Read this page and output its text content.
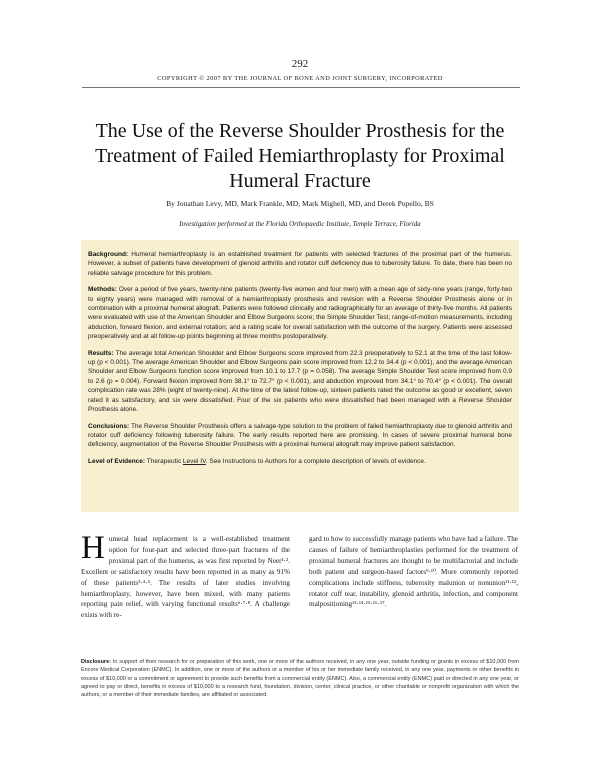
292
COPYRIGHT © 2007 BY THE JOURNAL OF BONE AND JOINT SURGERY, INCORPORATED
The Use of the Reverse Shoulder Prosthesis for the Treatment of Failed Hemiarthroplasty for Proximal Humeral Fracture
By Jonathan Levy, MD, Mark Frankle, MD, Mark Mighell, MD, and Derek Pupello, BS
Investigation performed at the Florida Orthopaedic Institute, Temple Terrace, Florida

Background: Humeral hemiarthroplasty is an established treatment for patients with selected fractures of the proximal part of the humerus. However, a subset of patients have development of glenoid arthritis and rotator cuff deficiency due to tuberosity failure. To date, there has been no reliable salvage procedure for this problem.

Methods: Over a period of five years, twenty-nine patients (twenty-five women and four men) with a mean age of sixty-nine years (range, forty-two to eighty years) were managed with removal of a hemiarthroplasty prosthesis and revision with a Reverse Shoulder Prosthesis alone or in combination with a proximal humeral allograft. Patients were followed clinically and radiographically for an average of thirty-five months. All patients were evaluated with use of the American Shoulder and Elbow Surgeons score; the Simple Shoulder Test; range-of-motion measurements, including abduction, forward flexion, and external rotation; and a rating scale for overall satisfaction with the outcome of the surgery. Patients were assessed preoperatively and at all follow-up points beginning at three months postoperatively.

Results: The average total American Shoulder and Elbow Surgeons score improved from 22.3 preoperatively to 52.1 at the time of the last follow-up (p < 0.001). The average American Shoulder and Elbow Surgeons pain score improved from 12.2 to 34.4 (p < 0.001), and the average American Shoulder and Elbow Surgeons function score improved from 10.1 to 17.7 (p = 0.058). The average Simple Shoulder Test score improved from 0.9 to 2.6 (p = 0.004). Forward flexion improved from 38.1° to 72.7° (p < 0.001), and abduction improved from 34.1° to 70.4° (p < 0.001). The overall complication rate was 28% (eight of twenty-nine). At the time of the latest follow-up, sixteen patients rated the outcome as good or excellent, seven rated it as satisfactory, and six were dissatisfied. Four of the six patients who were dissatisfied had been managed with a Reverse Shoulder Prosthesis alone.

Conclusions: The Reverse Shoulder Prosthesis offers a salvage-type solution to the problem of failed hemiarthroplasty due to glenoid arthritis and rotator cuff deficiency following tuberosity failure. The early results reported here are promising. In cases of severe proximal humeral bone deficiency, augmentation of the Reverse Shoulder Prosthesis with a proximal humeral allograft may improve patient satisfaction.

Level of Evidence: Therapeutic Level IV. See Instructions to Authors for a complete description of levels of evidence.

Humeral head replacement is a well-established treatment option for four-part and selected three-part fractures of the proximal part of the humerus, as was first reported by Neer¹·². Excellent or satisfactory results have been reported in as many as 91% of these patients³·⁴·⁵. The results of later studies involving hemiarthroplasty, however, have been mixed, with many patients reporting pain relief, with varying functional results⁶·⁷·⁸. A challenge exists with re-
gard to how to successfully manage patients who have had a failure. The causes of failure of hemiarthroplasties performed for the treatment of proximal humeral fractures are thought to be multifactorial and include both patient and surgeon-based factors⁹·¹⁰. More commonly reported complications include stiffness, tuberosity malunion or nonunion¹¹·¹², rotator cuff tear, instability, glenoid arthritis, infection, and component malpositioning¹³·¹⁴·¹⁵·¹⁶·¹⁷.
Disclosure: In support of their research for or preparation of this work, one or more of the authors received, in any one year, outside funding or grants in excess of $10,000 from Encore Medical Corporation (ENMC). In addition, one or more of the authors or a member of his or her immediate family received, in any one year, payments or other benefits in excess of $10,000 or a commitment or agreement to provide such benefits from a commercial entity (ENMC). Also, a commercial entity (ENMC) paid or directed in any one year, or agreed to pay or direct, benefits in excess of $10,000 to a research fund, foundation, division, center, clinical practice, or other charitable or nonprofit organization with which the authors, or a member of their immediate families, are affiliated or associated.
